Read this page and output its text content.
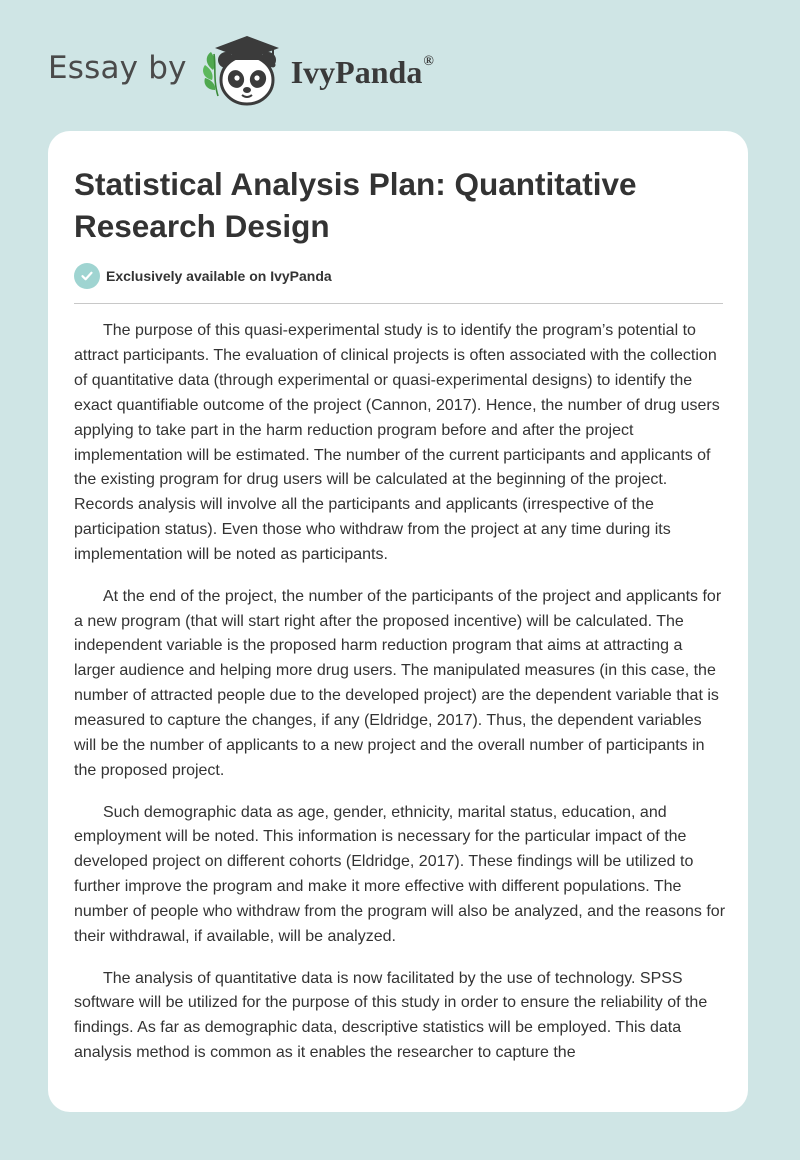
Essay by	IvyPanda®
Statistical Analysis Plan: Quantitative Research Design
Exclusively available on IvyPanda

The purpose of this quasi-experimental study is to identify the program’s potential to attract participants. The evaluation of clinical projects is often associated with the collection of quantitative data (through experimental or quasi-experimental designs) to identify the exact quantifiable outcome of the project (Cannon, 2017). Hence, the number of drug users applying to take part in the harm reduction program before and after the project implementation will be estimated. The number of the current participants and applicants of the existing program for drug users will be calculated at the beginning of the project. Records analysis will involve all the participants and applicants (irrespective of the participation status). Even those who withdraw from the project at any time during its implementation will be noted as participants.

At the end of the project, the number of the participants of the project and applicants for a new program (that will start right after the proposed incentive) will be calculated. The independent variable is the proposed harm reduction program that aims at attracting a larger audience and helping more drug users. The manipulated measures (in this case, the number of attracted people due to the developed project) are the dependent variable that is measured to capture the changes, if any (Eldridge, 2017). Thus, the dependent variables will be the number of applicants to a new project and the overall number of participants in the proposed project.

Such demographic data as age, gender, ethnicity, marital status, education, and employment will be noted. This information is necessary for the particular impact of the developed project on different cohorts (Eldridge, 2017). These findings will be utilized to further improve the program and make it more effective with different populations. The number of people who withdraw from the program will also be analyzed, and the reasons for their withdrawal, if available, will be analyzed.

The analysis of quantitative data is now facilitated by the use of technology. SPSS software will be utilized for the purpose of this study in order to ensure the reliability of the findings. As far as demographic data, descriptive statistics will be employed. This data analysis method is common as it enables the researcher to capture the
